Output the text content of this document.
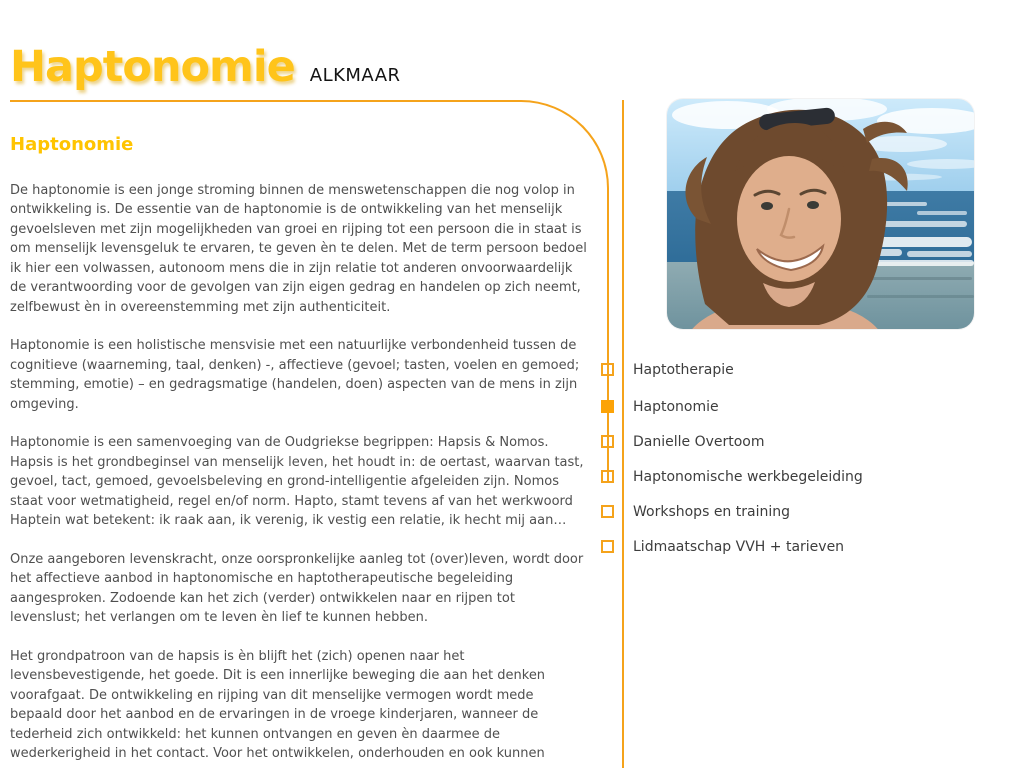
Haptonomie ALKMAAR
Haptonomie

De haptonomie is een jonge stroming binnen de menswetenschappen die nog volop in ontwikkeling is. De essentie van de haptonomie is de ontwikkeling van het menselijk gevoelsleven met zijn mogelijkheden van groei en rijping tot een persoon die in staat is om menselijk levensgeluk te ervaren, te geven èn te delen. Met de term persoon bedoel ik hier een volwassen, autonoom mens die in zijn relatie tot anderen onvoorwaardelijk de verantwoording voor de gevolgen van zijn eigen gedrag en handelen op zich neemt, zelfbewust èn in overeenstemming met zijn authenticiteit.

Haptonomie is een holistische mensvisie met een natuurlijke verbondenheid tussen de cognitieve (waarneming, taal, denken) -, affectieve (gevoel; tasten, voelen en gemoed; stemming, emotie) – en gedragsmatige (handelen, doen) aspecten van de mens in zijn omgeving.

Haptonomie is een samenvoeging van de Oudgriekse begrippen: Hapsis & Nomos. Hapsis is het grondbeginsel van menselijk leven, het houdt in: de oertast, waarvan tast, gevoel, tact, gemoed, gevoelsbeleving en grond-intelligentie afgeleiden zijn. Nomos staat voor wetmatigheid, regel en/of norm. Hapto, stamt tevens af van het werkwoord Haptein wat betekent: ik raak aan, ik verenig, ik vestig een relatie, ik hecht mij aan…

Onze aangeboren levenskracht, onze oorspronkelijke aanleg tot (over)leven, wordt door het affectieve aanbod in haptonomische en haptotherapeutische begeleiding aangesproken. Zodoende kan het zich (verder) ontwikkelen naar en rijpen tot levenslust; het verlangen om te leven èn lief te kunnen hebben.

Het grondpatroon van de hapsis is èn blijft het (zich) openen naar het levensbevestigende, het goede. Dit is een innerlijke beweging die aan het denken voorafgaat. De ontwikkeling en rijping van dit menselijke vermogen wordt mede bepaald door het aanbod en de ervaringen in de vroege kinderjaren, wanneer de tederheid zich ontwikkeld: het kunnen ontvangen en geven èn daarmee de wederkerigheid in het contact. Voor het ontwikkelen, onderhouden en ook kunnen

Haptotherapie
Haptonomie
Danielle Overtoom
Haptonomische werkbegeleiding
Workshops en training
Lidmaatschap VVH + tarieven
